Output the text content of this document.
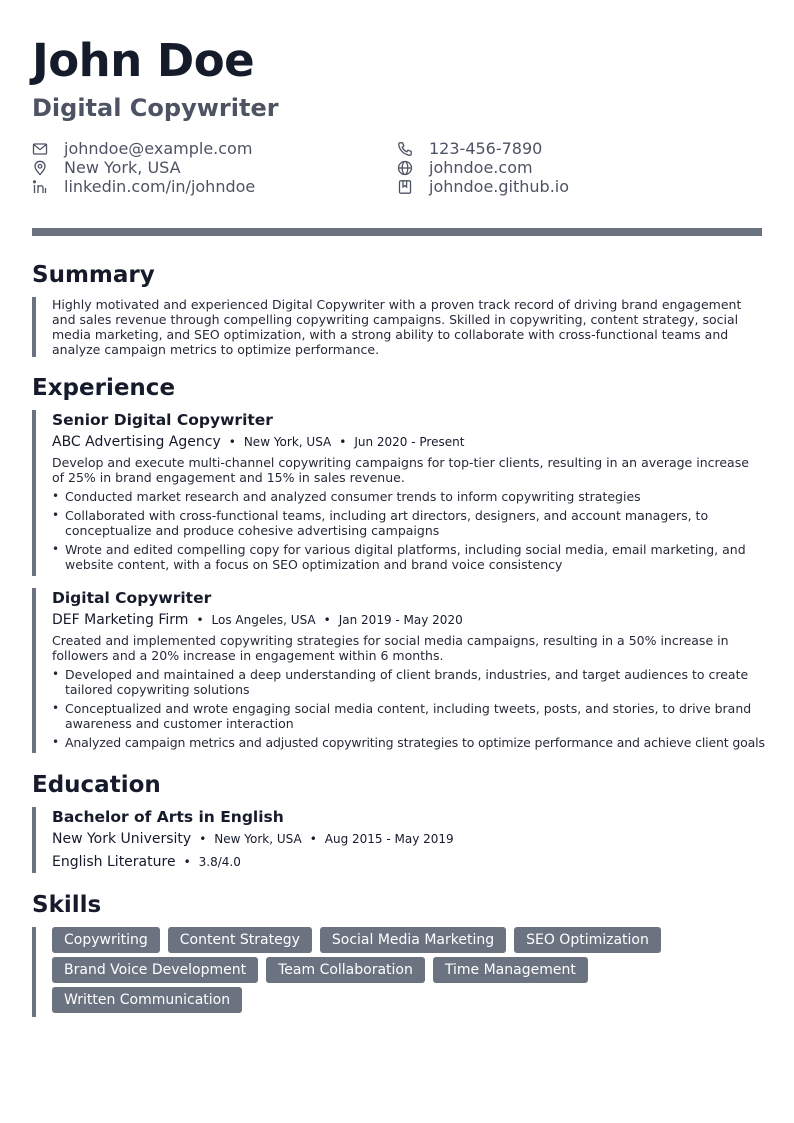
John Doe
Digital Copywriter
johndoe@example.com
New York, USA
linkedin.com/in/johndoe
123-456-7890
johndoe.com
johndoe.github.io
Summary
Highly motivated and experienced Digital Copywriter with a proven track record of driving brand engagement and sales revenue through compelling copywriting campaigns. Skilled in copywriting, content strategy, social media marketing, and SEO optimization, with a strong ability to collaborate with cross-functional teams and analyze campaign metrics to optimize performance.
Experience
Senior Digital Copywriter
ABC Advertising Agency • New York, USA • Jun 2020 - Present
Develop and execute multi-channel copywriting campaigns for top-tier clients, resulting in an average increase of 25% in brand engagement and 15% in sales revenue.
• Conducted market research and analyzed consumer trends to inform copywriting strategies
• Collaborated with cross-functional teams, including art directors, designers, and account managers, to conceptualize and produce cohesive advertising campaigns
• Wrote and edited compelling copy for various digital platforms, including social media, email marketing, and website content, with a focus on SEO optimization and brand voice consistency
Digital Copywriter
DEF Marketing Firm • Los Angeles, USA • Jan 2019 - May 2020
Created and implemented copywriting strategies for social media campaigns, resulting in a 50% increase in followers and a 20% increase in engagement within 6 months.
• Developed and maintained a deep understanding of client brands, industries, and target audiences to create tailored copywriting solutions
• Conceptualized and wrote engaging social media content, including tweets, posts, and stories, to drive brand awareness and customer interaction
• Analyzed campaign metrics and adjusted copywriting strategies to optimize performance and achieve client goals
Education
Bachelor of Arts in English
New York University • New York, USA • Aug 2015 - May 2019
English Literature • 3.8/4.0
Skills
Copywriting	Content Strategy	Social Media Marketing	SEO Optimization
Brand Voice Development	Team Collaboration	Time Management
Written Communication
